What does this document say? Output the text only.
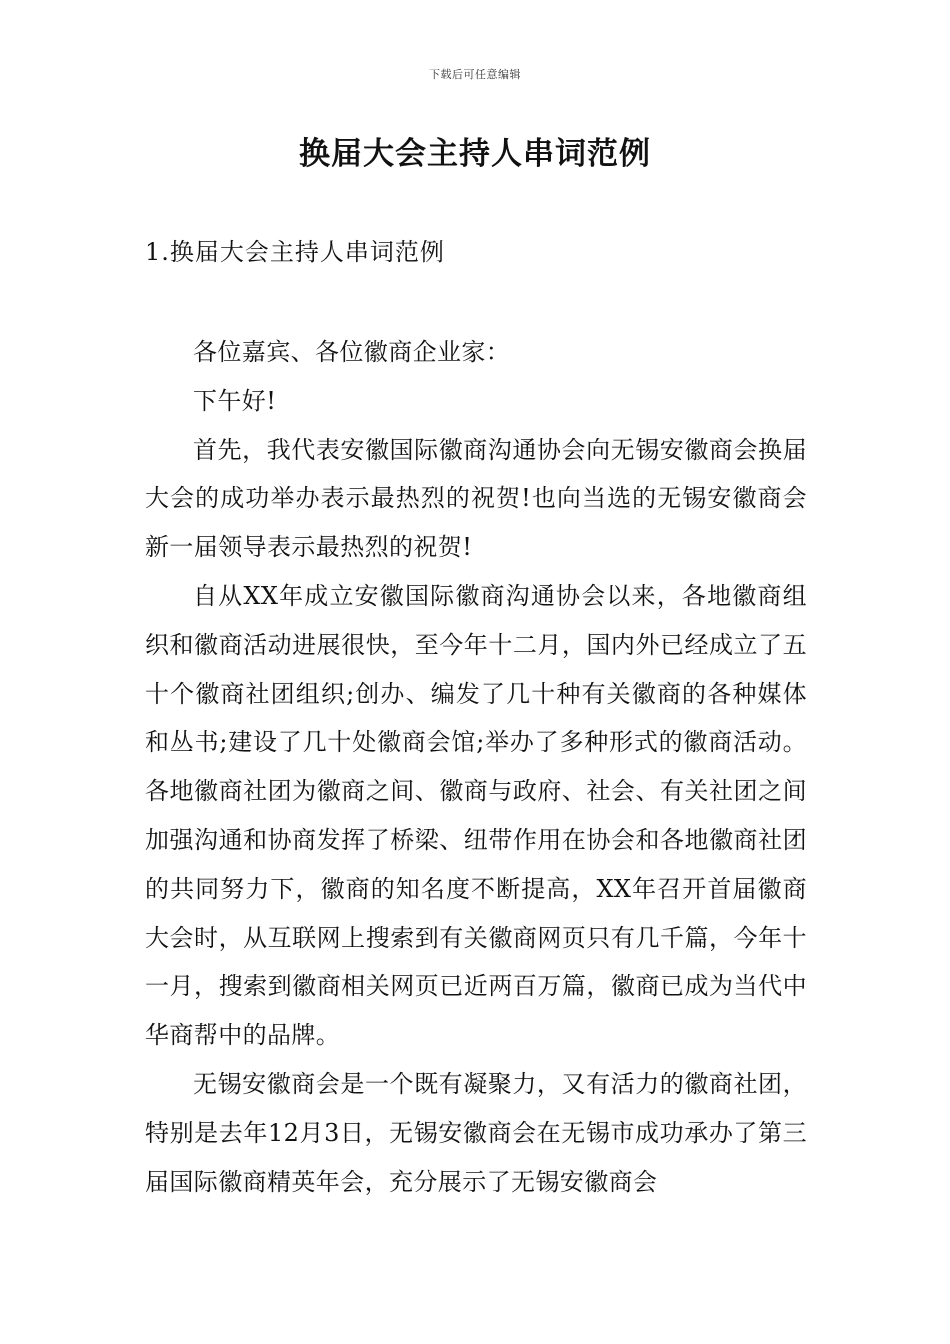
下载后可任意编辑
换届大会主持人串词范例
1.换届大会主持人串词范例

各位嘉宾、各位徽商企业家：

下午好!

首先，我代表安徽国际徽商沟通协会向无锡安徽商会换届大会的成功举办表示最热烈的祝贺!也向当选的无锡安徽商会新一届领导表示最热烈的祝贺!

自从XX年成立安徽国际徽商沟通协会以来，各地徽商组织和徽商活动进展很快，至今年十二月，国内外已经成立了五十个徽商社团组织;创办、编发了几十种有关徽商的各种媒体和丛书;建设了几十处徽商会馆;举办了多种形式的徽商活动。各地徽商社团为徽商之间、徽商与政府、社会、有关社团之间加强沟通和协商发挥了桥梁、纽带作用在协会和各地徽商社团的共同努力下，徽商的知名度不断提高，XX年召开首届徽商大会时，从互联网上搜索到有关徽商网页只有几千篇，今年十一月，搜索到徽商相关网页已近两百万篇，徽商已成为当代中华商帮中的品牌。

无锡安徽商会是一个既有凝聚力，又有活力的徽商社团，特别是去年12月3日，无锡安徽商会在无锡市成功承办了第三届国际徽商精英年会，充分展示了无锡安徽商会
